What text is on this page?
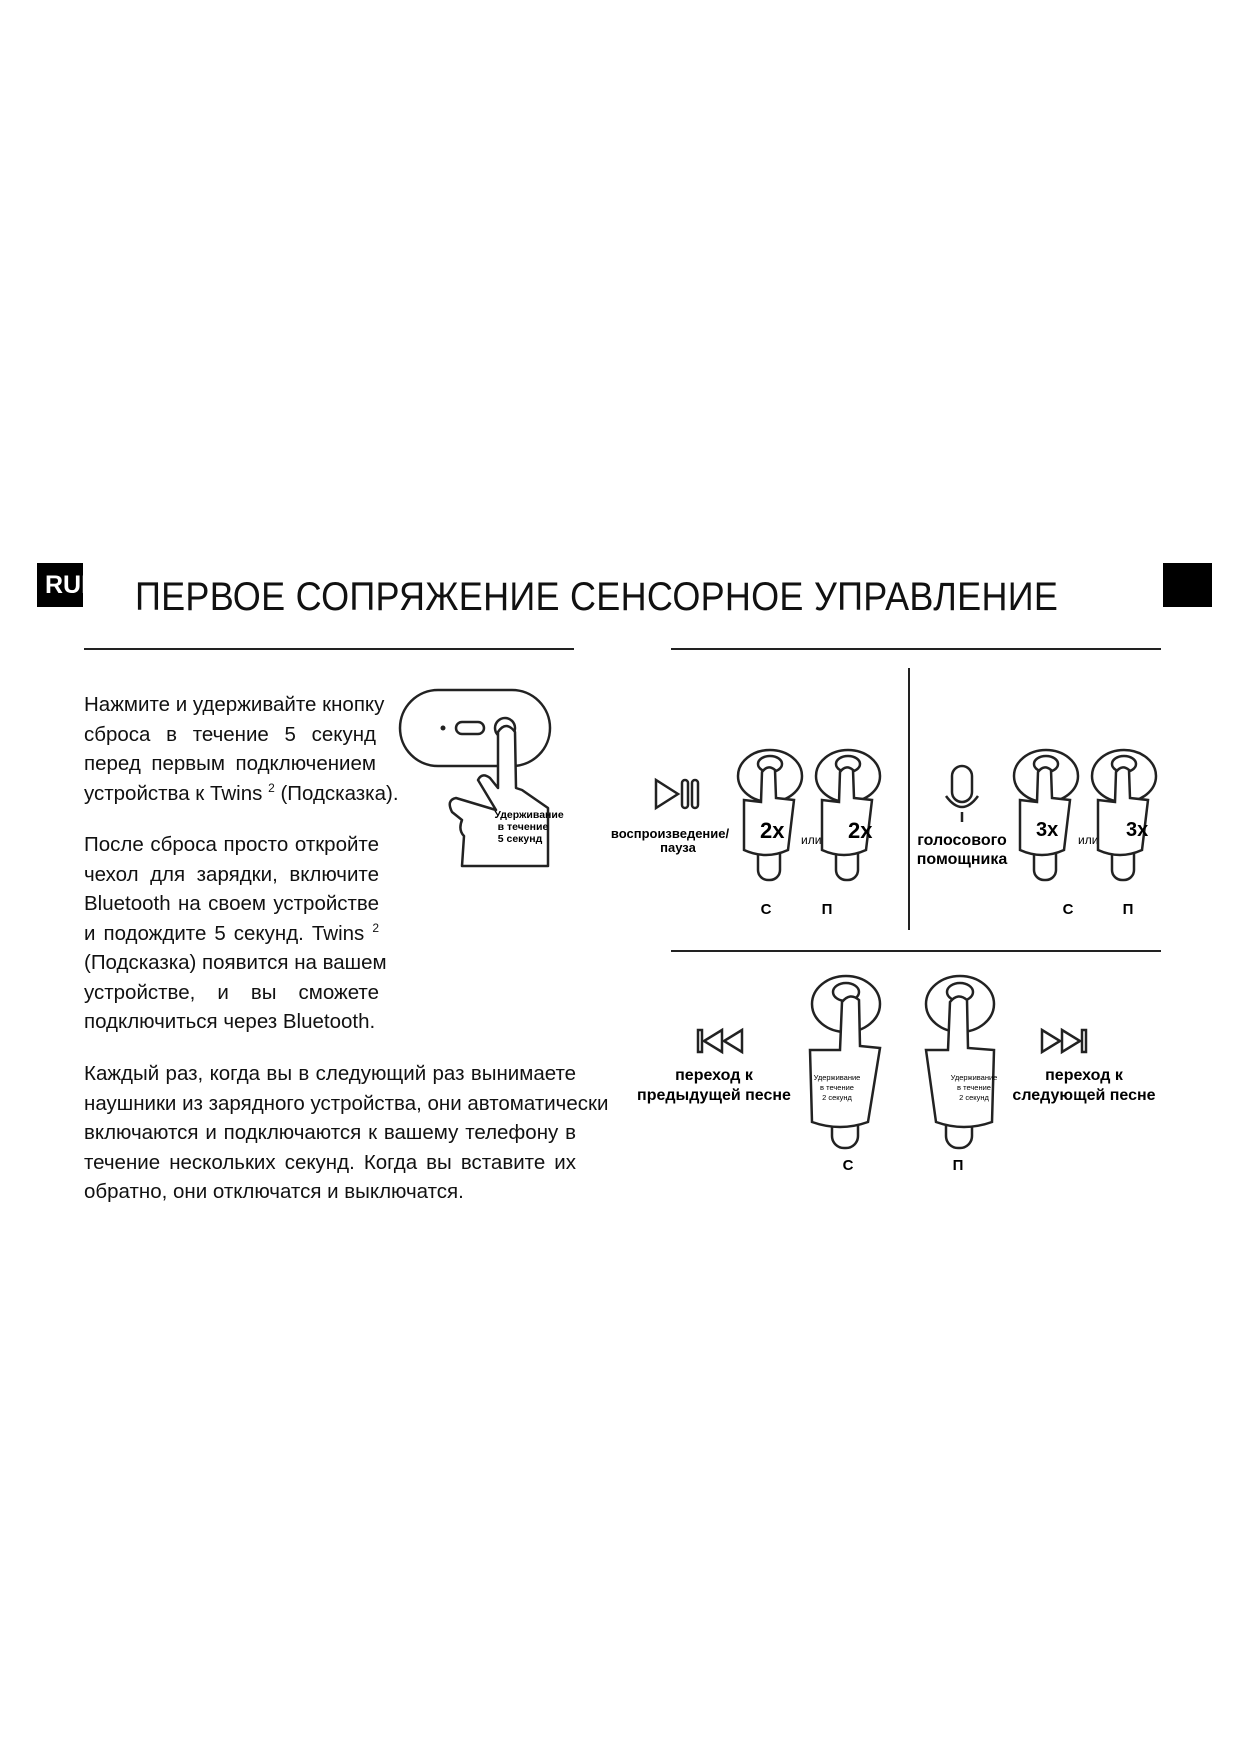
RUF ПЕРВОЕ СОПРЯЖЕНИЕ СЕНСОРНОЕ УПРАВЛЕНИЕ
Нажмите и удерживайте кнопку
сброса в течение 5 секунд
перед первым подключением
устройства к Twins $^2$ (Подсказка).
После сброса просто откройте
чехол для зарядки, включите
Bluetooth на своем устройстве
и подождите 5 секунд. Twins $^2$
(Подсказка) появится на вашем
устройстве, и вы сможете
подключиться через Bluetooth.
Каждый раз, когда вы в следующий раз вынимаете
наушники из зарядного устройства, они автоматически
включаются и подключаются к вашему телефону в
течение нескольких секунд. Когда вы вставите их
обратно, они отключатся и выключатся.
Удерживание
в течение
5 секунд	воспроизведение/
пауза
2x или 2x
С	П
голосового
помощника
3x или 3x
С	П
переход к
предыдущей песне
Удерживание
в течение
2 секунд
Удерживание
в течение
2 секунд
переход к
следующей песне
С	П
